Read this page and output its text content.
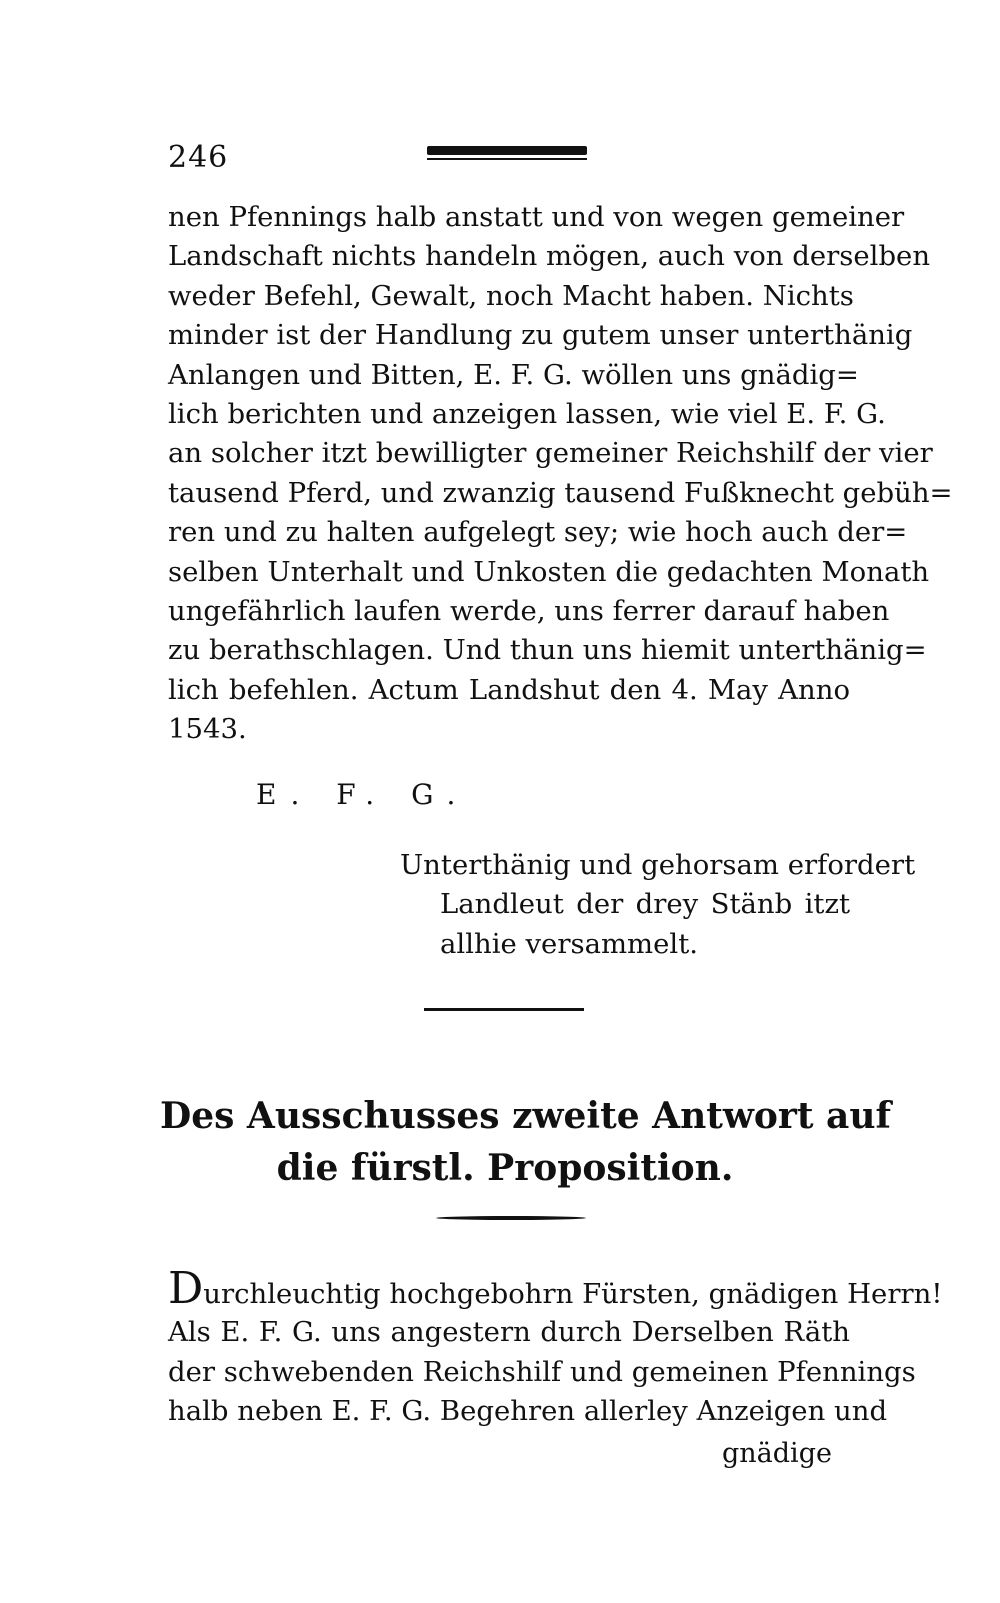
246
nen Pfennings halb anstatt und von wegen gemeiner
Landschaft nichts handeln mögen, auch von derselben
weder Befehl, Gewalt, noch Macht haben. Nichts
minder ist der Handlung zu gutem unser unterthänig
Anlangen und Bitten, E. F. G. wöllen uns gnädig=
lich berichten und anzeigen lassen, wie viel E. F. G.
an solcher itzt bewilligter gemeiner Reichshilf der vier
tausend Pferd, und zwanzig tausend Fußknecht gebüh=
ren und zu halten aufgelegt sey; wie hoch auch der=
selben Unterhalt und Unkosten die gedachten Monath
ungefährlich laufen werde, uns ferrer darauf haben
zu berathschlagen. Und thun uns hiemit unterthänig=
lich befehlen. Actum Landshut den 4. May Anno
1543.
E. F. G.
Unterthänig und gehorsam erfordert
Landleut der drey Stänb itzt
allhie versammelt.
Des Ausschusses zweite Antwort auf
die fürstl. Proposition.
Durchleuchtig hochgebohrn Fürsten, gnädigen Herrn!
Als E. F. G. uns angestern durch Derselben Räth
der schwebenden Reichshilf und gemeinen Pfennings
halb neben E. F. G. Begehren allerley Anzeigen und
gnädige
